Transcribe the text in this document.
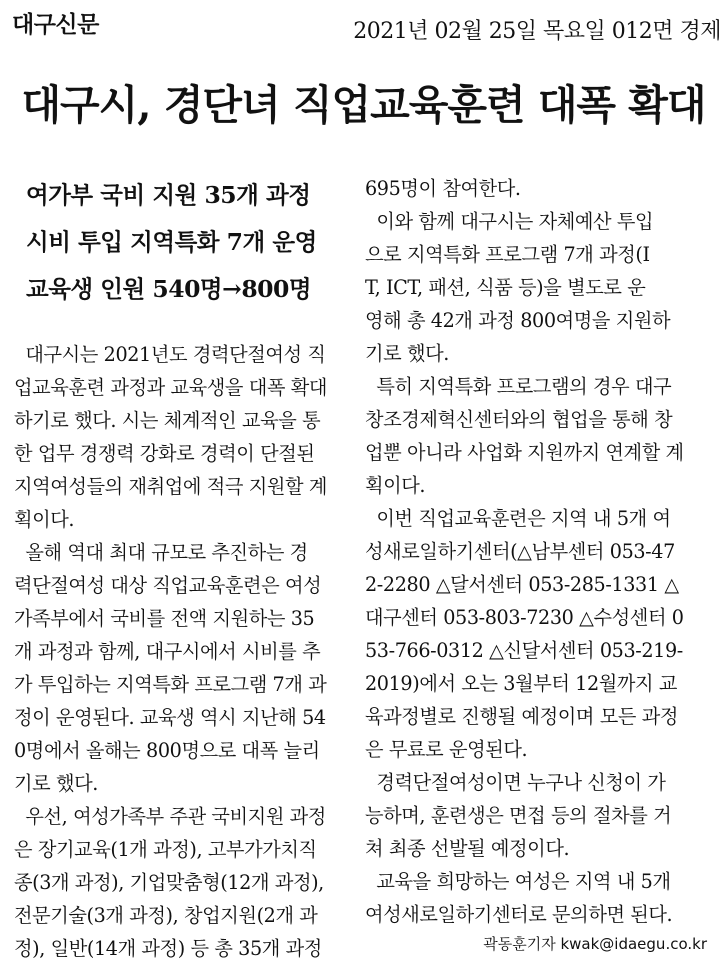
대구신문	2021년 02월 25일 목요일 012면 경제
대구시, 경단녀 직업교육훈련 대폭 확대
여가부 국비 지원 35개 과정
시비 투입 지역특화 7개 운영
교육생 인원 540명→800명
대구시는 2021년도 경력단절여성 직
업교육훈련 과정과 교육생을 대폭 확대
하기로 했다. 시는 체계적인 교육을 통
한 업무 경쟁력 강화로 경력이 단절된
지역여성들의 재취업에 적극 지원할 계
획이다.
올해 역대 최대 규모로 추진하는 경
력단절여성 대상 직업교육훈련은 여성
가족부에서 국비를 전액 지원하는 35
개 과정과 함께, 대구시에서 시비를 추
가 투입하는 지역특화 프로그램 7개 과
정이 운영된다. 교육생 역시 지난해 54
0명에서 올해는 800명으로 대폭 늘리
기로 했다.
우선, 여성가족부 주관 국비지원 과정
은 장기교육(1개 과정), 고부가가치직
종(3개 과정), 기업맞춤형(12개 과정),
전문기술(3개 과정), 창업지원(2개 과
정), 일반(14개 과정) 등 총 35개 과정
695명이 참여한다.
이와 함께 대구시는 자체예산 투입
으로 지역특화 프로그램 7개 과정(I
T, ICT, 패션, 식품 등)을 별도로 운
영해 총 42개 과정 800여명을 지원하
기로 했다.
특히 지역특화 프로그램의 경우 대구
창조경제혁신센터와의 협업을 통해 창
업뿐 아니라 사업화 지원까지 연계할 계
획이다.
이번 직업교육훈련은 지역 내 5개 여
성새로일하기센터(△남부센터 053-47
2-2280 △달서센터 053-285-1331 △
대구센터 053-803-7230 △수성센터 0
53-766-0312 △신달서센터 053-219-
2019)에서 오는 3월부터 12월까지 교
육과정별로 진행될 예정이며 모든 과정
은 무료로 운영된다.
경력단절여성이면 누구나 신청이 가
능하며, 훈련생은 면접 등의 절차를 거
쳐 최종 선발될 예정이다.
교육을 희망하는 여성은 지역 내 5개
여성새로일하기센터로 문의하면 된다.
곽동훈기자 kwak@idaegu.co.kr
